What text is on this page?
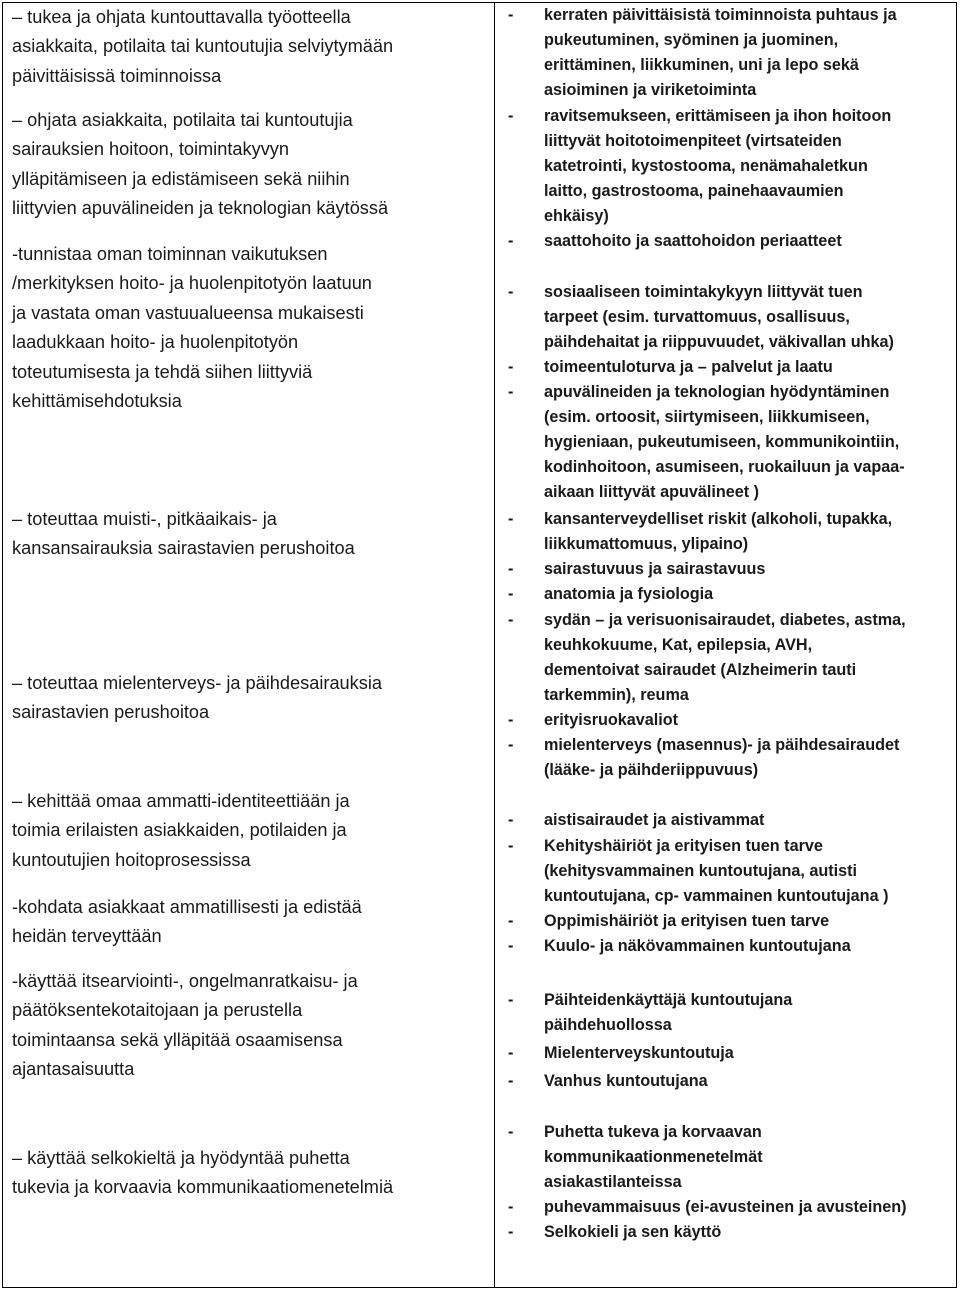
– tukea ja ohjata kuntouttavalla työotteella
asiakkaita, potilaita tai kuntoutujia selviytymään
päivittäisissä toiminnoissa

– ohjata asiakkaita, potilaita tai kuntoutujia
sairauksien hoitoon, toimintakyvyn
ylläpitämiseen ja edistämiseen sekä niihin
liittyvien apuvälineiden ja teknologian käytössä

-tunnistaa oman toiminnan vaikutuksen
/merkityksen hoito- ja huolenpitotyön laatuun
ja vastata oman vastuualueensa mukaisesti
laadukkaan hoito- ja huolenpitotyön
toteutumisesta ja tehdä siihen liittyviä
kehittämisehdotuksia

– toteuttaa muisti-, pitkäaikais- ja
kansansairauksia sairastavien perushoitoa

– toteuttaa mielenterveys- ja päihdesairauksia
sairastavien perushoitoa

– kehittää omaa ammatti-identiteettiään ja
toimia erilaisten asiakkaiden, potilaiden ja
kuntoutujien hoitoprosessissa

-kohdata asiakkaat ammatillisesti ja edistää
heidän terveyttään

-käyttää itsearviointi-, ongelmanratkaisu- ja
päätöksentekotaitojaan ja perustella
toimintaansa sekä ylläpitää osaamisensa
ajantasaisuutta

– käyttää selkokieltä ja hyödyntää puhetta
tukevia ja korvaavia kommunikaatiomenetelmiä

- kerraten päivittäisistä toiminnoista puhtaus ja
pukeutuminen, syöminen ja juominen,
erittäminen, liikkuminen, uni ja lepo sekä
asioiminen ja viriketoiminta
- ravitsemukseen, erittämiseen ja ihon hoitoon
liittyvät hoitotoimenpiteet (virtsateiden
katetrointi, kystostooma, nenämahaletkun
laitto, gastrostooma, painehaavaumien
ehkäisy)
- saattohoito ja saattohoidon periaatteet
- sosiaaliseen toimintakykyyn liittyvät tuen
tarpeet (esim. turvattomuus, osallisuus,
päihdehaitat ja riippuvuudet, väkivallan uhka)
- toimeentuloturva ja – palvelut ja laatu
- apuvälineiden ja teknologian hyödyntäminen
(esim. ortoosit, siirtymiseen, liikkumiseen,
hygieniaan, pukeutumiseen, kommunikointiin,
kodinhoitoon, asumiseen, ruokailuun ja vapaa-
aikaan liittyvät apuvälineet )
- kansanterveydelliset riskit (alkoholi, tupakka,
liikkumattomuus, ylipaino)
- sairastuvuus ja sairastavuus
- anatomia ja fysiologia
- sydän – ja verisuonisairaudet, diabetes, astma,
keuhkokuume, Kat, epilepsia, AVH,
dementoivat sairaudet (Alzheimerin tauti
tarkemmin), reuma
- erityisruokavaliot
- mielenterveys (masennus)- ja päihdesairaudet
(lääke- ja päihderiippuvuus)
- aistisairaudet ja aistivammat
- Kehityshäiriöt ja erityisen tuen tarve
(kehitysvammainen kuntoutujana, autisti
kuntoutujana, cp- vammainen kuntoutujana )
- Oppimishäiriöt ja erityisen tuen tarve
- Kuulo- ja näkövammainen kuntoutujana
- Päihteidenkäyttäjä kuntoutujana
päihdehuollossa
- Mielenterveyskuntoutuja
- Vanhus kuntoutujana
- Puhetta tukeva ja korvaavan
kommunikaationmenetelmät
asiakastilanteissa
- puhevammaisuus (ei-avusteinen ja avusteinen)
- Selkokieli ja sen käyttö
